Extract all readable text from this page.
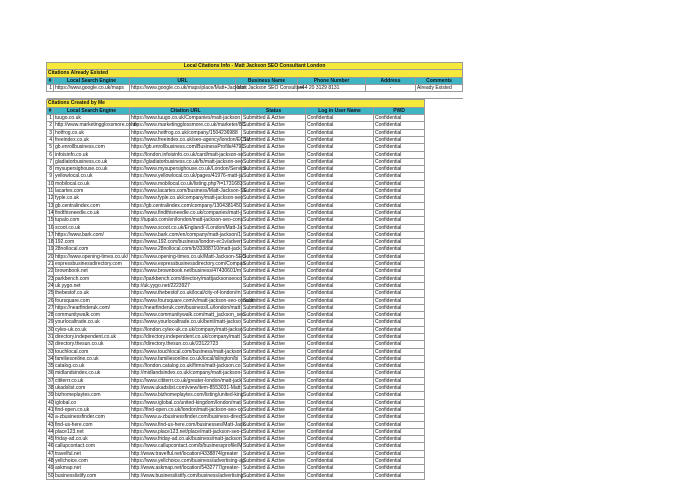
Local Citations Info - Matt Jackson SEO Consultant London						
Citations Already Existed						
#	Local Search Engine	URL	Business Name	Phone Number	Address	Comments
1	https://www.google.co.uk/maps	https://www.google.co.uk/maps/place/Matt+Jackson	Matt Jackson SEO Consultant	+44 20 3129 8131	-	Already Existed

Citations Created by Me					
#	Local Search Engine	Citation URL	Status	Log in User Name	PWD
1	tuugo.co.uk	https://www.tuugo.co.uk/Companies/matt-jackson	Submitted & Active	Confidential	Confidential
2	http://www.marketingglossmore.co.uk	https://www.marketingglossmore.co.uk/marketer/8C	Submitted & Active	Confidential	Confidential
3	hotfrog.co.uk	https://www.hotfrog.co.uk/company/1504236988	Submitted & Active	Confidential	Confidential
4	freeindex.co.uk	https://www.freeindex.co.uk/seo-agency/london/EC1V	Submitted & Active	Confidential	Confidential
5	gb.enrollbusiness.com	https://gb.enrollbusiness.com/BusinessProfile/4791	Submitted & Active	Confidential	Confidential
6	infoisinfo.co.uk	https://london.infoisinfo.co.uk/card/matt-jackson-se	Submitted & Active	Confidential	Confidential
7	gladiatorbusiness.co.uk	https://gladiatorbusiness.co.uk/fs/matt-jackson-seo	Submitted & Active	Confidential	Confidential
8	mysupersighouse.co.uk	https://www.mysupersighouse.co.uk/London/Service	Submitted & Active	Confidential	Confidential
9	yellowlocal.co.uk	https://www.yellowlocal.co.uk/pages/41976-matt-ja	Submitted & Active	Confidential	Confidential
10	mobilocal.co.uk	https://www.mobilocal.co.uk/listing.php?i=1731683	Submitted & Active	Confidential	Confidential
11	lacartes.com	https://www.lacartes.com/business/Matt-Jackson-SE	Submitted & Active	Confidential	Confidential
12	fyple.co.uk	https://www.fyple.co.uk/company/matt-jackson-seo	Submitted & Active	Confidential	Confidential
13	gb.centralindex.com	https://gb.centralindex.com/company/1304381450	Submitted & Active	Confidential	Confidential
14	findthisneedle.co.uk	https://www.findthisneedle.co.uk/companies/matt-j	Submitted & Active	Confidential	Confidential
15	tupalo.com	http://tupalo.com/en/london/matt-jackson-seo-cons	Submitted & Active	Confidential	Confidential
16	scoot.co.uk	https://www.scoot.co.uk/England/-/London/Matt-Ja	Submitted & Active	Confidential	Confidential
17	https://www.bark.com/	https://www.bark.com/en/company/matt-jackson/1	Submitted & Active	Confidential	Confidential
18	192.com	https://www.192.com/business/london-ec1v/advert	Submitted & Active	Confidential	Confidential
19	28nollocal.com	https://www.28nollocal.com/b/33388710/matt-jack	Submitted & Active	Confidential	Confidential
20	https://www.opening-times.co.uk/	https://www.opening-times.co.uk/Matt-Jackson-SEO	Submitted & Active	Confidential	Confidential
21	expressbusinessdirectory.com	https://www.expressbusinessdirectory.com/Compan	Submitted & Active	Confidential	Confidential
22	brownbook.net	https://www.brownbook.net/business/47430601/m	Submitted & Active	Confidential	Confidential
23	parkbench.com	https://parkbench.com/directory/mattjacksonseoco	Submitted & Active	Confidential	Confidential
24	uk.yygo.net	http://uk.yygo.net/2223927	Submitted & Active	Confidential	Confidential
25	thebestof.co.uk	https://www.thebestof.co.uk/local/city-of-london/m	Submitted & Active	Confidential	Confidential
26	foursquare.com	https://www.foursquare.com/v/matt-jackson-seo-consulti	Submitted & Active	Confidential	Confidential
27	https://nearfinderuk.com/	https://nearfinderuk.com/business/Lu/london/matt	Submitted & Active	Confidential	Confidential
28	communitywalk.com	https://www.communitywalk.com/matt_jackson_seo	Submitted & Active	Confidential	Confidential
29	yourlocaltrade.co.uk	https://www.yourlocaltrade.co.uk/bent/matt-jackso	Submitted & Active	Confidential	Confidential
30	cylex-uk.co.uk	https://london.cylex-uk.co.uk/company/matt-jackso	Submitted & Active	Confidential	Confidential
31	directory.independent.co.uk	https://directory.independent.co.uk/company/matt	Submitted & Active	Confidential	Confidential
32	directory.thesun.co.uk	https://directory.thesun.co.uk/23122723	Submitted & Active	Confidential	Confidential
33	touchlocal.com	https://www.touchlocal.com/business/matt-jackson	Submitted & Active	Confidential	Confidential
34	familiesonline.co.uk	https://www.familiesonline.co.uk/local/islington/bi	Submitted & Active	Confidential	Confidential
35	catalog.co.uk	https://london.catalog.co.uk/firms/matt-jackson.co	Submitted & Active	Confidential	Confidential
36	midlandsindex.co.uk	http://midlandsindex.co.uk/company/matt-jackson-	Submitted & Active	Confidential	Confidential
37	cititerrr.co.uk	https://www.cititerrr.co.uk/greater-london/matt-jack	Submitted & Active	Confidential	Confidential
38	ukadslist.com	http://www.ukadslist.com/view/item-8553031-Matt	Submitted & Active	Confidential	Confidential
39	bizhomeplaytes.com	https://www.bizhomeplaytes.com/listing/united-king	Submitted & Active	Confidential	Confidential
40	iglobal.co	https://www.iglobal.co/united-kingdom/london/mat	Submitted & Active	Confidential	Confidential
41	find-open.co.uk	https://find-open.co.uk/london/matt-jackson-seo-co	Submitted & Active	Confidential	Confidential
42	a-zbusinessfinder.com	https://www.a-zbusinessfinder.com/business-direct	Submitted & Active	Confidential	Confidential
43	find-us-here.com	https://www.find-us-here.com/businesses/Matt-Jack	Submitted & Active	Confidential	Confidential
44	place123.net	https://www.place123.net/place/matt-jackson-seo-c	Submitted & Active	Confidential	Confidential
45	friday-ad.co.uk	https://www.friday-ad.co.uk/business/matt-jackson	Submitted & Active	Confidential	Confidential
46	callupcontact.com	https://www.callupcontact.com/b/businessprofile/M	Submitted & Active	Confidential	Confidential
47	travelful.net	http://www.travelful.net/location/4338874/greater	Submitted & Active	Confidential	Confidential
48	yellchoice.com	https://www.yellchoice.com/business/advertising-ag	Submitted & Active	Confidential	Confidential
49	askmap.net	http://www.askmap.net/location/5432777/greater-	Submitted & Active	Confidential	Confidential
50	businesslistify.com	http://www.businesslistify.com/business/advertising	Submitted & Active	Confidential	Confidential
